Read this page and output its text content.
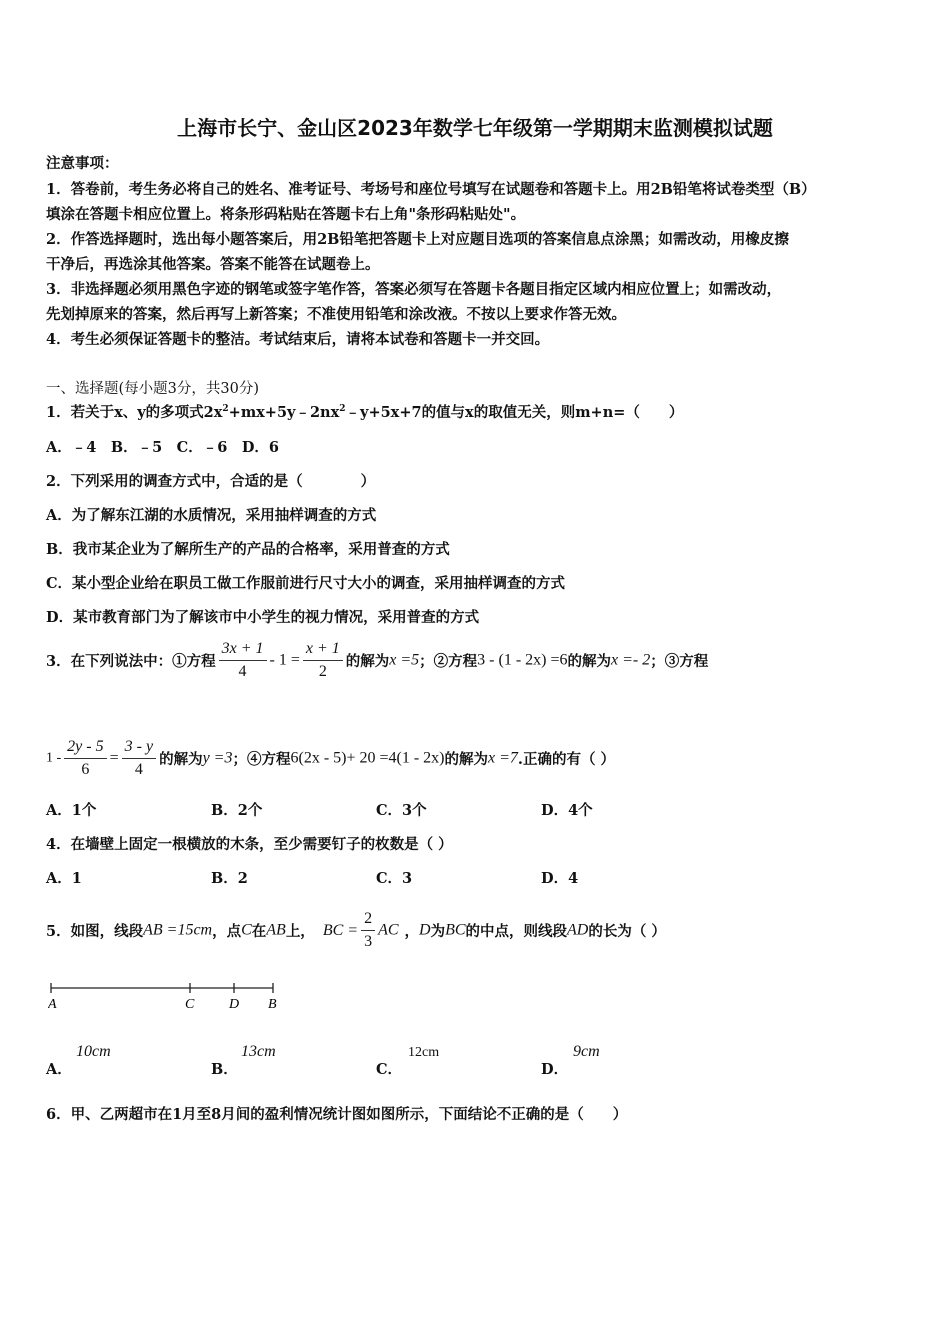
上海市长宁、金山区2023年数学七年级第一学期期末监测模拟试题
注意事项：
1．答卷前，考生务必将自己的姓名、准考证号、考场号和座位号填写在试题卷和答题卡上。用2B铅笔将试卷类型（B）
填涂在答题卡相应位置上。将条形码粘贴在答题卡右上角"条形码粘贴处"。
2．作答选择题时，选出每小题答案后，用2B铅笔把答题卡上对应题目选项的答案信息点涂黑；如需改动，用橡皮擦
干净后，再选涂其他答案。答案不能答在试题卷上。
3．非选择题必须用黑色字迹的钢笔或签字笔作答，答案必须写在答题卡各题目指定区域内相应位置上；如需改动，
先划掉原来的答案，然后再写上新答案；不准使用铅笔和涂改液。不按以上要求作答无效。
4．考生必须保证答题卡的整洁。考试结束后，请将本试卷和答题卡一并交回。
一、选择题(每小题3分，共30分)
1．若关于x、y的多项式$2x^2+mx+5y﹣2nx^2﹣y+5x+7$的值与x的取值无关，则m+n=（　　）
A．﹣4　B．﹣5　C．﹣6　D．6
2．下列采用的调查方式中，合适的是（　　　　）
A．为了解东江湖的水质情况，采用抽样调查的方式
B．我市某企业为了解所生产的产品的合格率，采用普查的方式
C．某小型企业给在职员工做工作服前进行尺寸大小的调查，采用抽样调查的方式
D．某市教育部门为了解该市中小学生的视力情况，采用普查的方式
3．在下列说法中：①方程 $\frac{3x + 1}{4} - 1 = \frac{x + 1}{2}$ 的解为x =5；②方程3 - (1 - 2x) =6的解为x =- 2；③方程
$1 - \frac{2y - 5}{6} = \frac{3 - y}{4}$ 的解为y =3；④方程6(2x - 5)+ 20 =4(1 - 2x)的解为x =7.正确的有（ ）
A．1个	B．2个	C．3个	D．4个
4．在墙壁上固定一根横放的木条，至少需要钉子的枚数是（ ）
A．1	B．2	C．3	D．4
5．如图，线段AB =15cm，点C在AB上， BC = $\frac{2}{3}$ AC ，D为BC的中点，则线段AD的长为（ ）
A	C D B
A．
10cm
B．
13cm
C．
12cm
D．
9cm
6．甲、乙两超市在1月至8月间的盈利情况统计图如图所示，下面结论不正确的是（　　）
